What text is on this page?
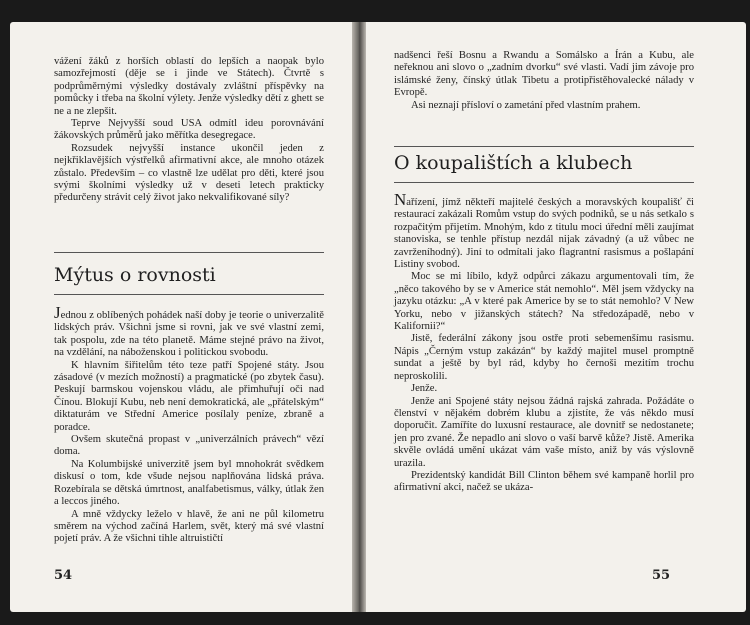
vážení žáků z horších oblastí do lepších a naopak bylo samozřejmostí (děje se i jinde ve Státech). Čtvrtě s podprůměrnými výsledky dostávaly zvláštní příspěvky na pomůcky i třeba na školní výlety. Jenže výsledky dětí z ghett se ne a ne zlepšit.

Teprve Nejvyšší soud USA odmítl ideu porovnávání žákovských průměrů jako měřítka desegregace.

Rozsudek nejvyšší instance ukončil jeden z nejkřiklavějších výstřelků afirmativní akce, ale mnoho otázek zůstalo. Především – co vlastně lze udělat pro děti, které jsou svými školními výsledky už v deseti letech prakticky předurčeny strávit celý život jako nekvalifikované síly?

Mýtus o rovnosti

Jednou z oblíbených pohádek naší doby je teorie o univerzalitě lidských práv. Všichni jsme si rovni, jak ve své vlastní zemi, tak pospolu, zde na této planetě. Máme stejné právo na život, na vzdělání, na náboženskou i politickou svobodu.

K hlavním šiřitelům této teze patří Spojené státy. Jsou zásadové (v mezích možností) a pragmatické (po zbytek času). Peskují barmskou vojenskou vládu, ale přimhuřují oči nad Čínou. Blokují Kubu, neb není demokratická, ale „přátelským“ diktaturám ve Střední Americe posílaly peníze, zbraně a poradce.

Ovšem skutečná propast v „univerzálních právech“ vězí doma.

Na Kolumbijské univerzitě jsem byl mnohokrát svědkem diskusí o tom, kde všude nejsou naplňována lidská práva. Rozebírala se dětská úmrtnost, analfabetismus, války, útlak žen a leccos jiného.

A mně vždycky leželo v hlavě, že ani ne půl kilometru směrem na východ začíná Harlem, svět, který má své vlastní pojetí práv. A že všichni tihle altruističtí

54

nadšenci řeší Bosnu a Rwandu a Somálsko a Írán a Kubu, ale neřeknou ani slovo o „zadním dvorku“ své vlasti. Vadí jim závoje pro islámské ženy, čínský útlak Tibetu a protipřistěhovalecké nálady v Evropě.

Asi neznají přísloví o zametání před vlastním prahem.

O koupalištích a klubech

Nařízení, jímž někteří majitelé českých a moravských koupališť či restaurací zakázali Romům vstup do svých podniků, se u nás setkalo s rozpačitým přijetím. Mnohým, kdo z titulu moci úřední měli zaujímat stanoviska, se tenhle přístup nezdál nijak závadný (a už vůbec ne zavrženíhodný). Jiní to odmítali jako flagrantní rasismus a pošlapání Listiny svobod.

Moc se mi líbilo, když odpůrci zákazu argumentovali tím, že „něco takového by se v Americe stát nemohlo“. Měl jsem vždycky na jazyku otázku: „A v které pak Americe by se to stát nemohlo? V New Yorku, nebo v jižanských státech? Na středozápadě, nebo v Kalifornii?“

Jistě, federální zákony jsou ostře proti sebemenšímu rasismu. Nápis „Černým vstup zakázán“ by každý majitel musel promptně sundat a ještě by byl rád, kdyby ho černoši mezitím trochu neproskolili.

Jenže.

Jenže ani Spojené státy nejsou žádná rajská zahrada. Požádáte o členství v nějakém dobrém klubu a zjistíte, že vás někdo musí doporučit. Zamíříte do luxusní restaurace, ale dovnitř se nedostanete; jen pro zvané. Že nepadlo ani slovo o vaší barvě kůže? Jistě. Amerika skvěle ovládá umění ukázat vám vaše místo, aniž by vás výslovně urazila.

Prezidentský kandidát Bill Clinton během své kampaně horlil pro afirmativní akci, načež se ukáza-

55
